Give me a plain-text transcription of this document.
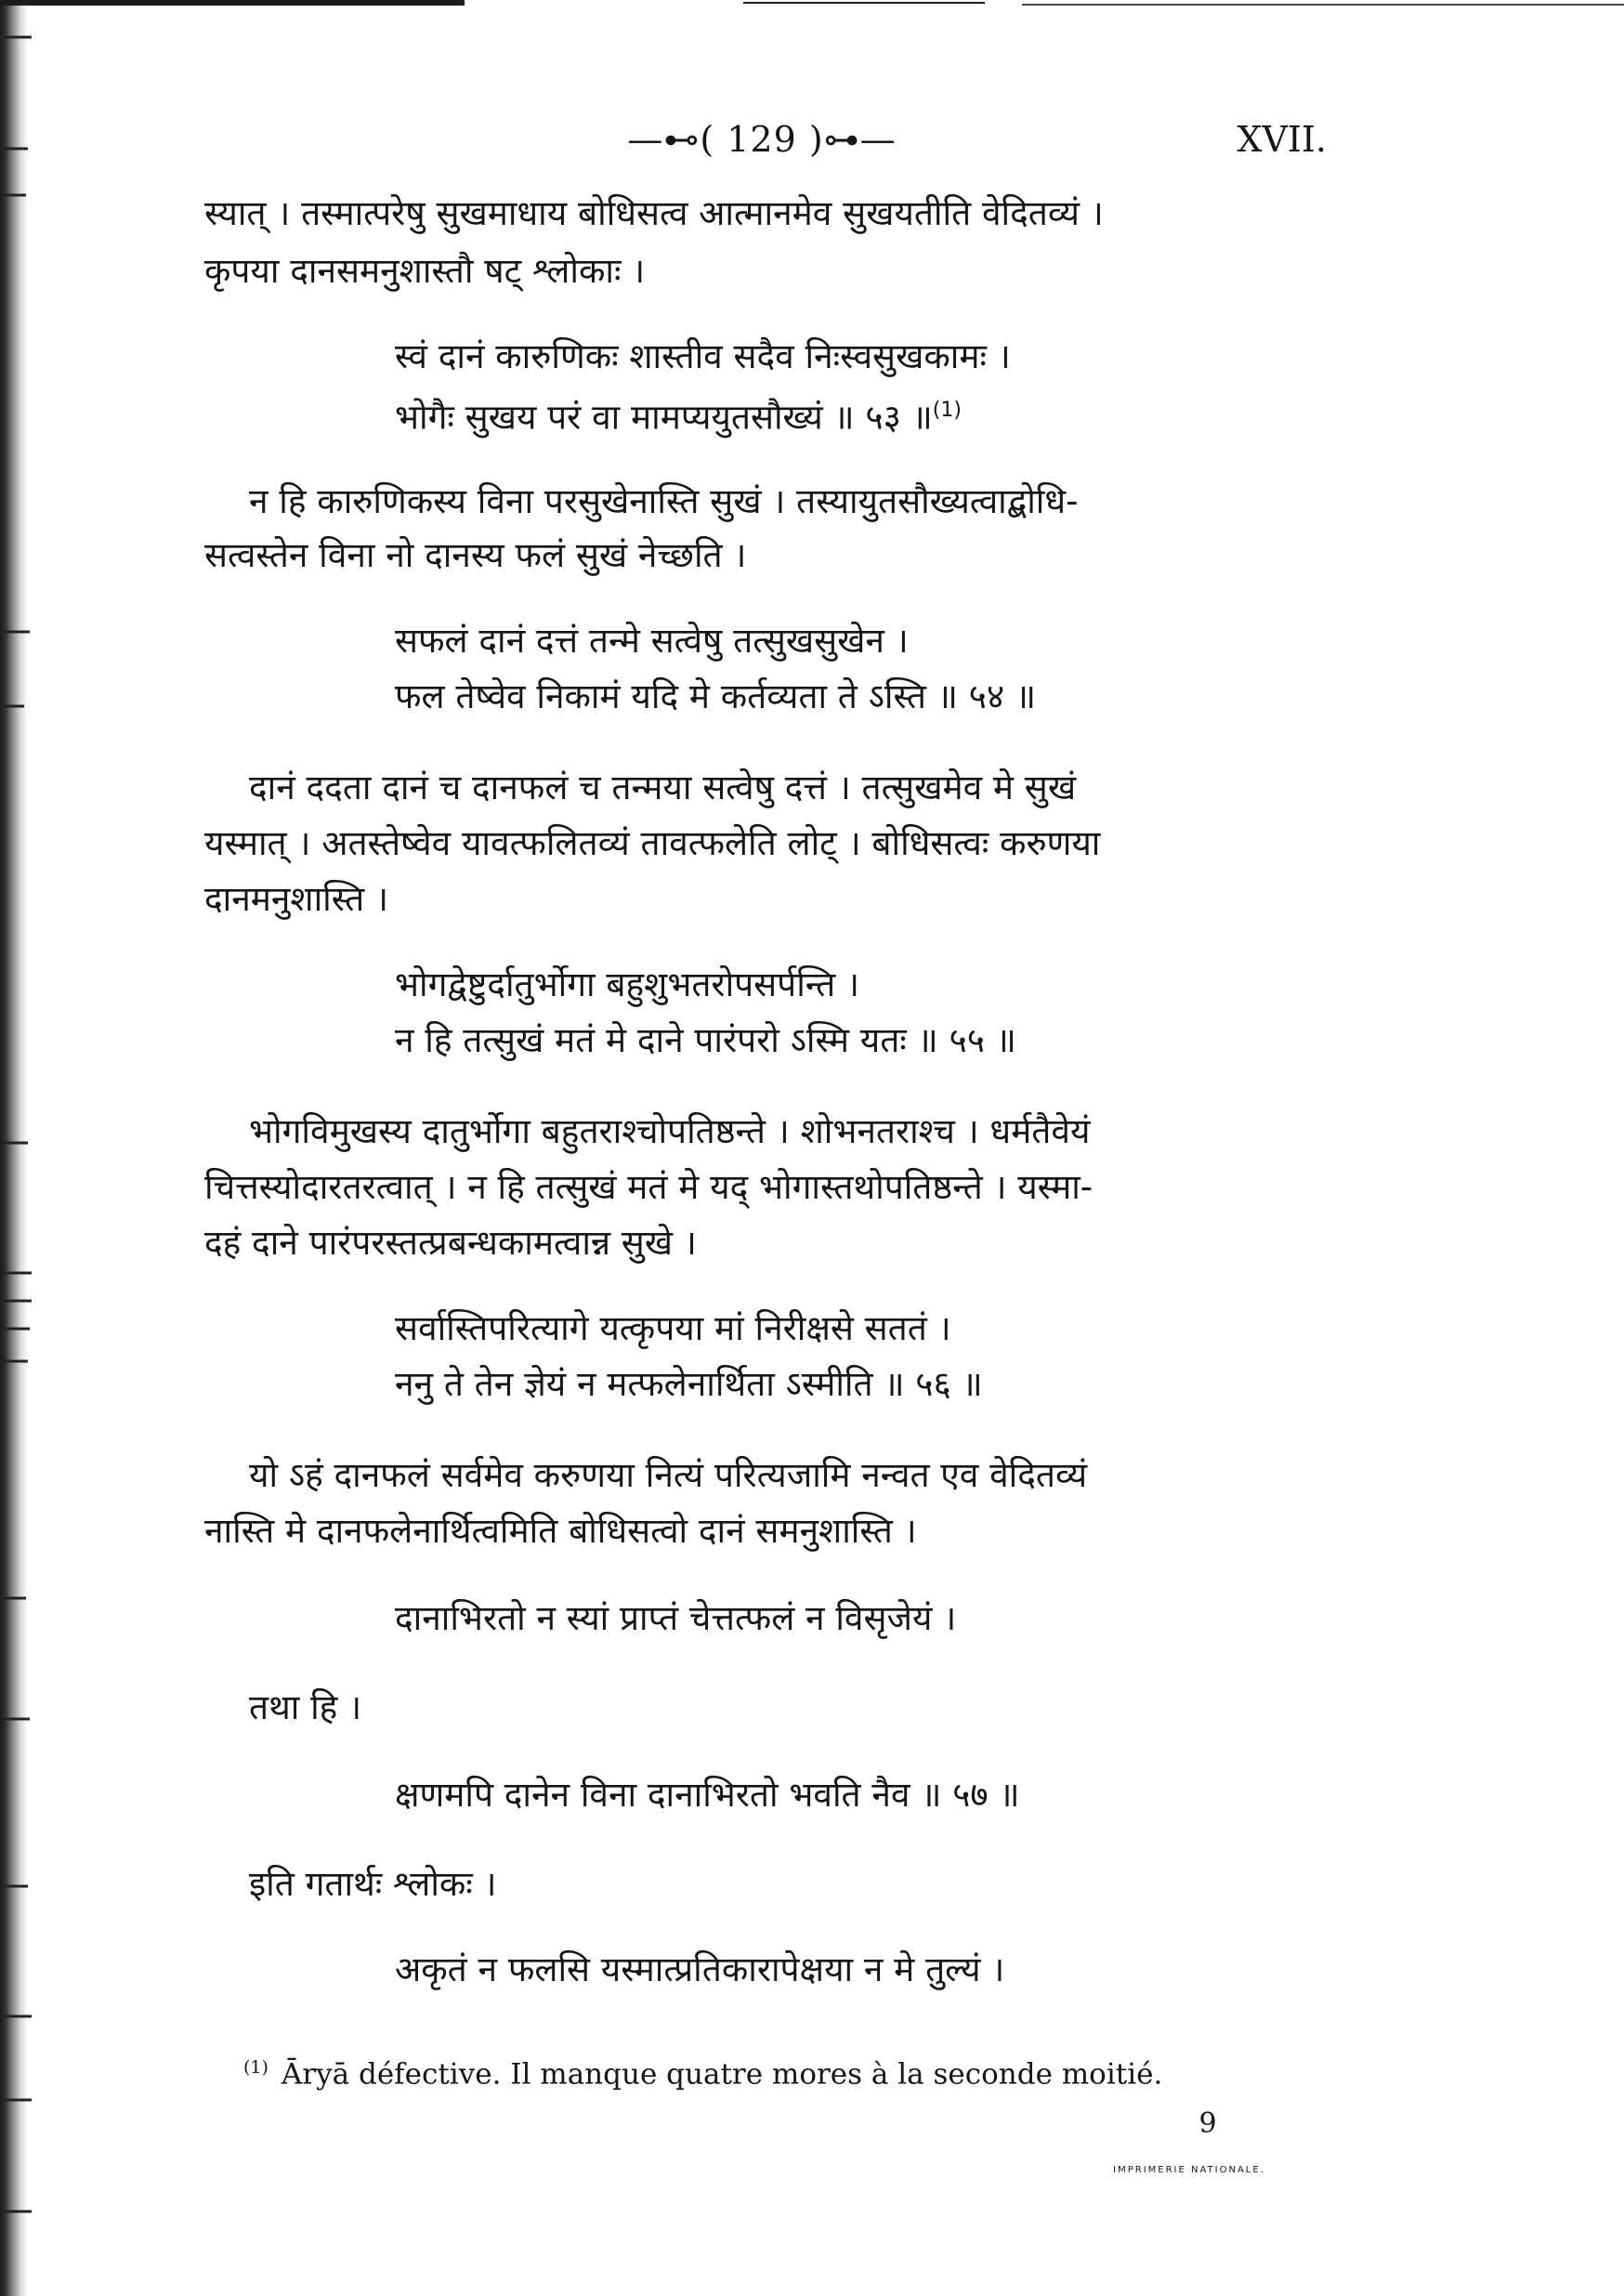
—⊷( 129 )⊶—	XVII.
स्यात् । तस्मात्परेषु सुखमाधाय बोधिसत्व आत्मानमेव सुखयतीति वेदितव्यं ।
कृपया दानसमनुशास्तौ षट् श्लोकाः ।
स्वं दानं कारुणिकः शास्तीव सदैव निःस्वसुखकामः ।
भोगैः सुखय परं वा मामप्ययुतसौख्यं ॥ ५३ ॥$^{(1)}$
न हि कारुणिकस्य विना परसुखेनास्ति सुखं । तस्यायुतसौख्यत्वाद्बोधि-
सत्वस्तेन विना नो दानस्य फलं सुखं नेच्छति ।
सफलं दानं दत्तं तन्मे सत्वेषु तत्सुखसुखेन ।
फल तेष्वेव निकामं यदि मे कर्तव्यता ते ऽस्ति ॥ ५४ ॥
दानं ददता दानं च दानफलं च तन्मया सत्वेषु दत्तं । तत्सुखमेव मे सुखं
यस्मात् । अतस्तेष्वेव यावत्फलितव्यं तावत्फलेति लोट् । बोधिसत्वः करुणया
दानमनुशास्ति ।
भोगद्वेष्टुर्दातुर्भोगा बहुशुभतरोपसर्पन्ति ।
न हि तत्सुखं मतं मे दाने पारंपरो ऽस्मि यतः ॥ ५५ ॥
भोगविमुखस्य दातुर्भोगा बहुतराश्चोपतिष्ठन्ते । शोभनतराश्च । धर्मतैवेयं
चित्तस्योदारतरत्वात् । न हि तत्सुखं मतं मे यद् भोगास्तथोपतिष्ठन्ते । यस्मा-
दहं दाने पारंपरस्तत्प्रबन्धकामत्वान्न सुखे ।
सर्वास्तिपरित्यागे यत्कृपया मां निरीक्षसे सततं ।
ननु ते तेन ज्ञेयं न मत्फलेनार्थिता ऽस्मीति ॥ ५६ ॥
यो ऽहं दानफलं सर्वमेव करुणया नित्यं परित्यजामि नन्वत एव वेदितव्यं
नास्ति मे दानफलेनार्थित्वमिति बोधिसत्वो दानं समनुशास्ति ।
दानाभिरतो न स्यां प्राप्तं चेत्तत्फलं न विसृजेयं ।
तथा हि ।
क्षणमपि दानेन विना दानाभिरतो भवति नैव ॥ ५७ ॥
इति गतार्थः श्लोकः ।
अकृतं न फलसि यस्मात्प्रतिकारापेक्षया न मे तुल्यं ।
$^{(1)}$ Āryā défective. Il manque quatre mores à la seconde moitié.
9
IMPRIMERIE NATIONALE.
